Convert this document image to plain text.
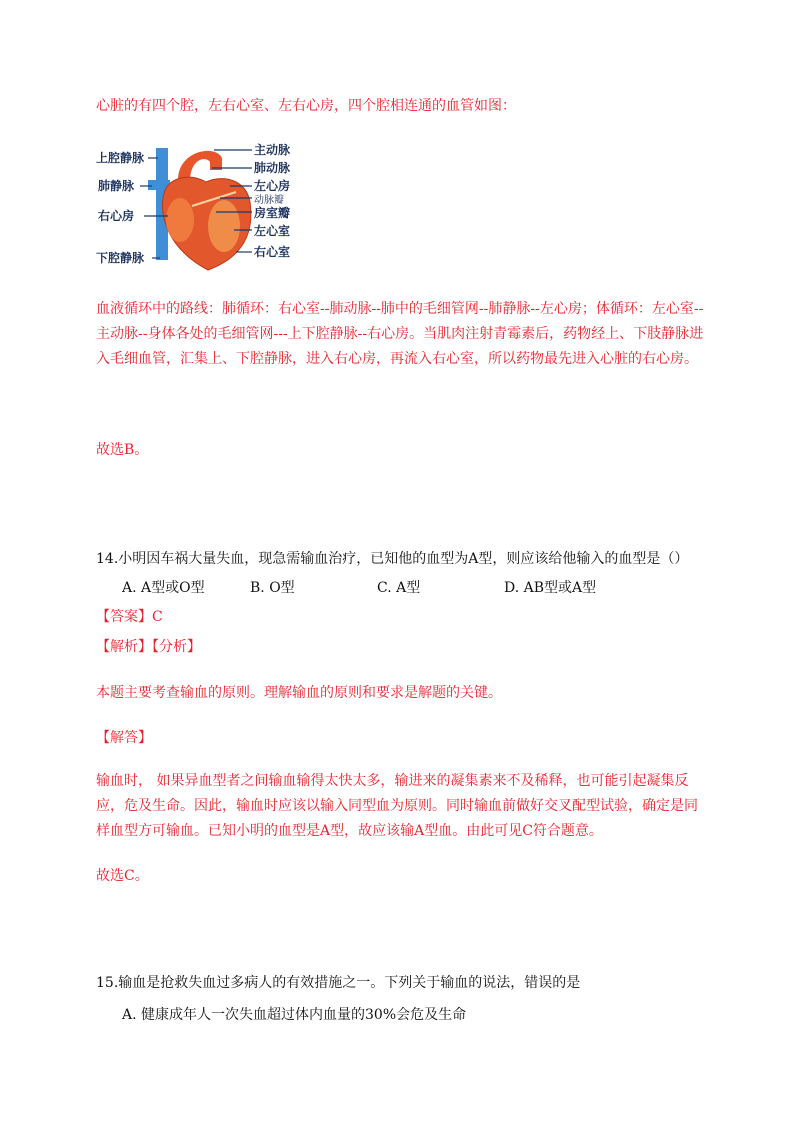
心脏的有四个腔，左右心室、左右心房，四个腔相连通的血管如图：
上腔静脉
肺静脉
右心房
下腔静脉
主动脉
肺动脉
左心房
动脉瓣
房室瓣
左心室
右心室
血液循环中的路线：肺循环：右心室--肺动脉--肺中的毛细管网--肺静脉--左心房；体循环：左心室--主动脉--身体各处的毛细管网---上下腔静脉--右心房。当肌肉注射青霉素后，药物经上、下肢静脉进入毛细血管，汇集上、下腔静脉，进入右心房，再流入右心室，所以药物最先进入心脏的右心房。
故选B。
14.小明因车祸大量失血，现急需输血治疗，已知他的血型为A型，则应该给他输入的血型是（）
A. A型或O型	B. O型	C. A型	D. AB型或A型
【答案】C
【解析】【分析】
本题主要考查输血的原则。理解输血的原则和要求是解题的关键。
【解答】
输血时， 如果异血型者之间输血输得太快太多，输进来的凝集素来不及稀释，也可能引起凝集反应，危及生命。因此，输血时应该以输入同型血为原则。同时输血前做好交叉配型试验，确定是同样血型方可输血。已知小明的血型是A型，故应该输A型血。由此可见C符合题意。
故选C。
15.输血是抢救失血过多病人的有效措施之一。下列关于输血的说法，错误的是
A. 健康成年人一次失血超过体内血量的30%会危及生命
